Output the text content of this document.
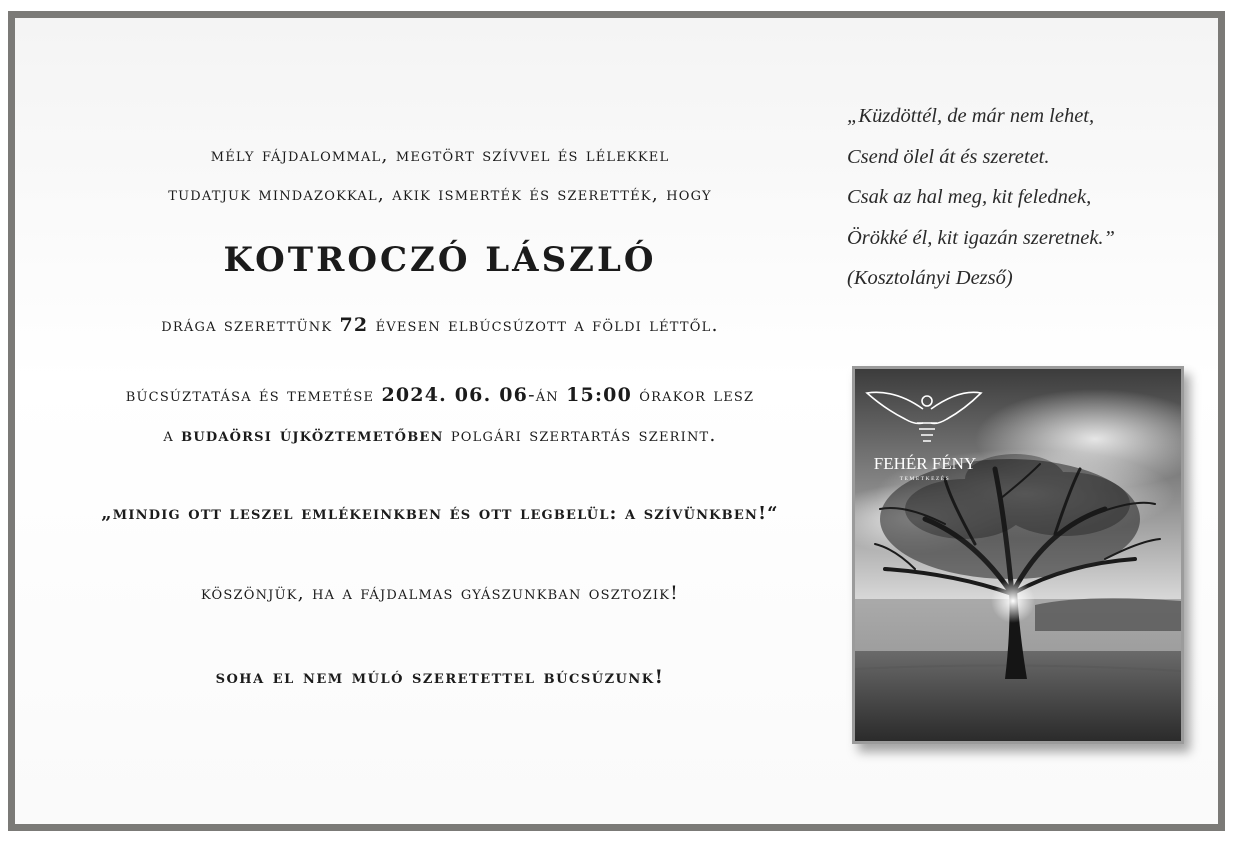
mély fájdalommal, megtört szívvel és lélekkel
tudatjuk mindazokkal, akik ismerték és szerették, hogy
KOTROCZÓ LÁSZLÓ
drága szerettünk 72 évesen elbúcsúzott a földi léttől.
búcsúztatása és temetése 2024. 06. 06-án 15:00 órakor lesz
a budaörsi újköztemetőben polgári szertartás szerint.
„mindig ott leszel emlékeinkben és ott legbelül: a szívünkben!“
köszönjük, ha a fájdalmas gyászunkban osztozik!
soha el nem múló szeretettel búcsúzunk!
„Küzdöttél, de már nem lehet,
Csend ölel át és szeretet.
Csak az hal meg, kit felednek,
Örökké él, kit igazán szeretnek.”
(Kosztolányi Dezső)
FEHÉR FÉNY
TEMETKEZÉS
